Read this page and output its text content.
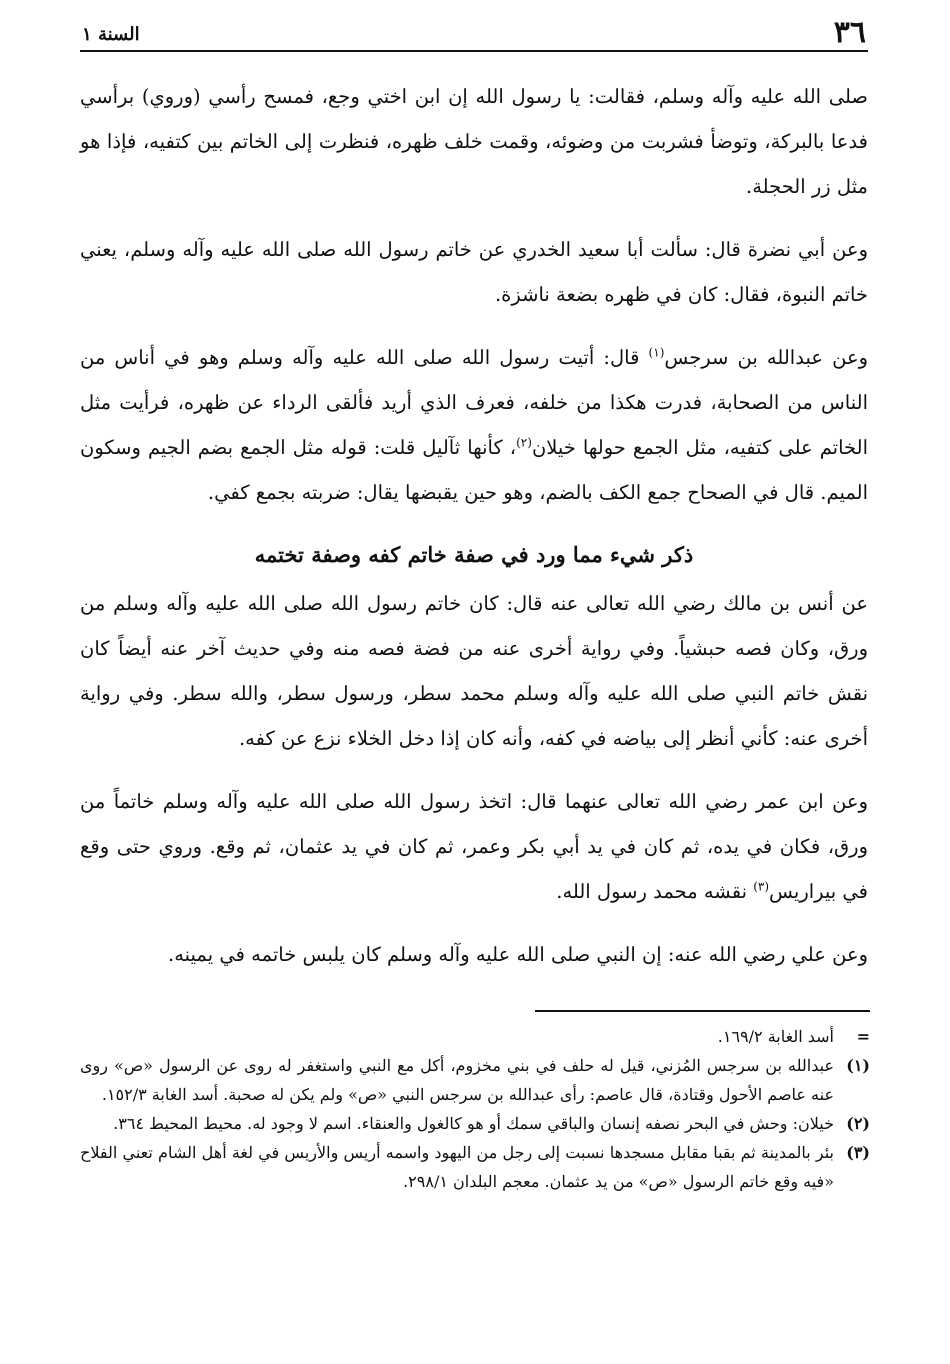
٣٦
السنة ١

صلى الله عليه وآله وسلم، فقالت: يا رسول الله إن ابن اختي وجع، فمسح رأسي (وروي) برأسي فدعا بالبركة، وتوضأ فشربت من وضوئه، وقمت خلف ظهره، فنظرت إلى الخاتم بين كتفيه، فإذا هو مثل زر الحجلة.

وعن أبي نضرة قال: سألت أبا سعيد الخدري عن خاتم رسول الله صلى الله عليه وآله وسلم، يعني خاتم النبوة، فقال: كان في ظهره بضعة ناشزة.

وعن عبدالله بن سرجس$^{(١)}$ قال: أتيت رسول الله صلى الله عليه وآله وسلم وهو في أناس من الناس من الصحابة، فدرت هكذا من خلفه، فعرف الذي أريد فألقى الرداء عن ظهره، فرأيت مثل الخاتم على كتفيه، مثل الجمع حولها خيلان$^{(٢)}$، كأنها ثآليل قلت: قوله مثل الجمع بضم الجيم وسكون الميم. قال في الصحاح جمع الكف بالضم، وهو حين يقبضها يقال: ضربته بجمع كفي.

ذكر شيء مما ورد في صفة خاتم كفه وصفة تختمه

عن أنس بن مالك رضي الله تعالى عنه قال: كان خاتم رسول الله صلى الله عليه وآله وسلم من ورق، وكان فصه حبشياً. وفي رواية أخرى عنه من فضة فصه منه وفي حديث آخر عنه أيضاً كان نقش خاتم النبي صلى الله عليه وآله وسلم محمد سطر، ورسول سطر، والله سطر. وفي رواية أخرى عنه: كأني أنظر إلى بياضه في كفه، وأنه كان إذا دخل الخلاء نزع عن كفه.

وعن ابن عمر رضي الله تعالى عنهما قال: اتخذ رسول الله صلى الله عليه وآله وسلم خاتماً من ورق، فكان في يده، ثم كان في يد أبي بكر وعمر، ثم كان في يد عثمان، ثم وقع. وروي حتى وقع في بيراريس$^{(٣)}$ نقشه محمد رسول الله.

وعن علي رضي الله عنه: إن النبي صلى الله عليه وآله وسلم كان يلبس خاتمه في يمينه.

=
أسد الغابة ١٦٩/٢.
(١)
عبدالله بن سرجس المُزني، قيل له حلف في بني مخزوم، أكل مع النبي واستغفر له روى عن الرسول «ص» روى عنه عاصم الأحول وقتادة، قال عاصم: رأى عبدالله بن سرجس النبي «ص» ولم يكن له صحبة. أسد الغابة ١٥٢/٣.
(٢)
خيلان: وحش في البحر نصفه إنسان والباقي سمك أو هو كالغول والعنقاء. اسم لا وجود له. محيط المحيط ٣٦٤.
(٣)
بئر بالمدينة ثم بقبا مقابل مسجدها نسبت إلى رجل من اليهود واسمه أريس والأريس في لغة أهل الشام تعني الفلاح «فيه وقع خاتم الرسول «ص» من يد عثمان. معجم البلدان ٢٩٨/١.
